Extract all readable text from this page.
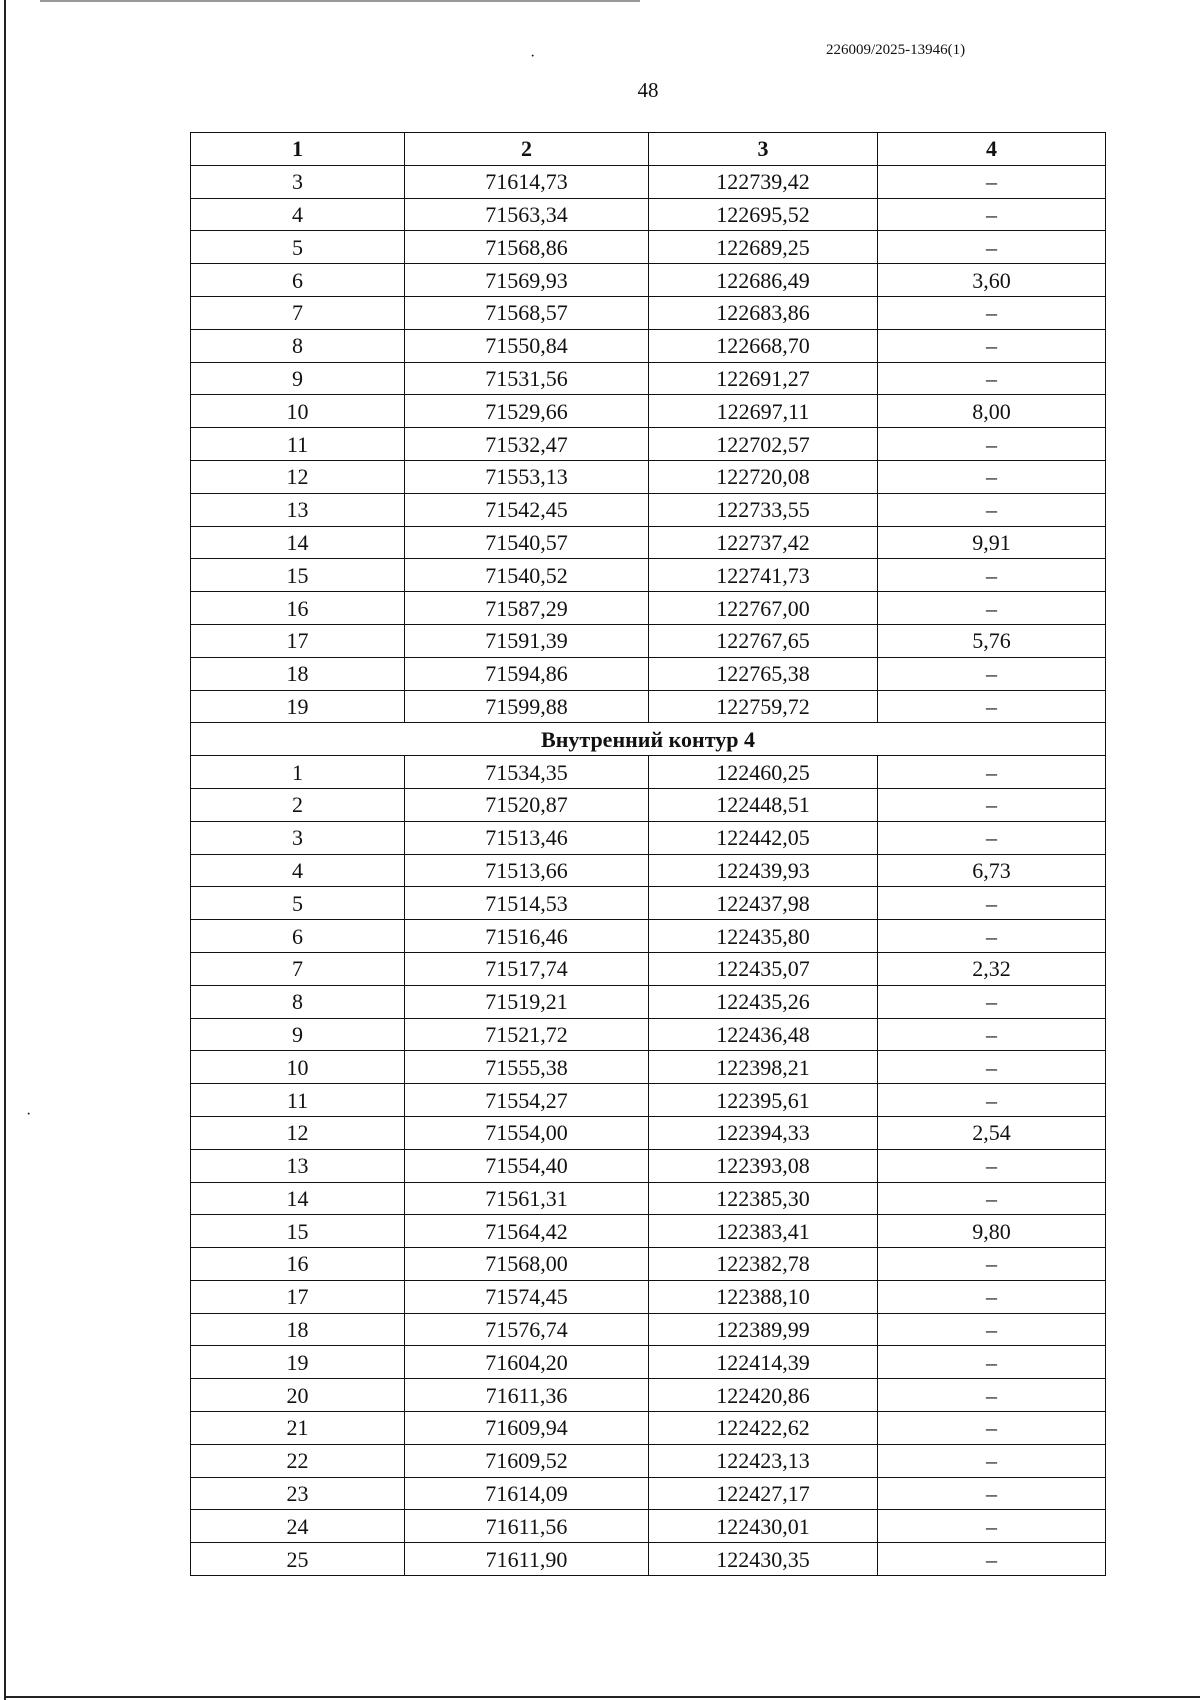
226009/2025-13946(1)
48
·
·
1	2	3	4
3	71614,73	122739,42	–
4	71563,34	122695,52	–
5	71568,86	122689,25	–
6	71569,93	122686,49	3,60
7	71568,57	122683,86	–
8	71550,84	122668,70	–
9	71531,56	122691,27	–
10	71529,66	122697,11	8,00
11	71532,47	122702,57	–
12	71553,13	122720,08	–
13	71542,45	122733,55	–
14	71540,57	122737,42	9,91
15	71540,52	122741,73	–
16	71587,29	122767,00	–
17	71591,39	122767,65	5,76
18	71594,86	122765,38	–
19	71599,88	122759,72	–
Внутренний контур 4			
1	71534,35	122460,25	–
2	71520,87	122448,51	–
3	71513,46	122442,05	–
4	71513,66	122439,93	6,73
5	71514,53	122437,98	–
6	71516,46	122435,80	–
7	71517,74	122435,07	2,32
8	71519,21	122435,26	–
9	71521,72	122436,48	–
10	71555,38	122398,21	–
11	71554,27	122395,61	–
12	71554,00	122394,33	2,54
13	71554,40	122393,08	–
14	71561,31	122385,30	–
15	71564,42	122383,41	9,80
16	71568,00	122382,78	–
17	71574,45	122388,10	–
18	71576,74	122389,99	–
19	71604,20	122414,39	–
20	71611,36	122420,86	–
21	71609,94	122422,62	–
22	71609,52	122423,13	–
23	71614,09	122427,17	–
24	71611,56	122430,01	–
25	71611,90	122430,35	–
